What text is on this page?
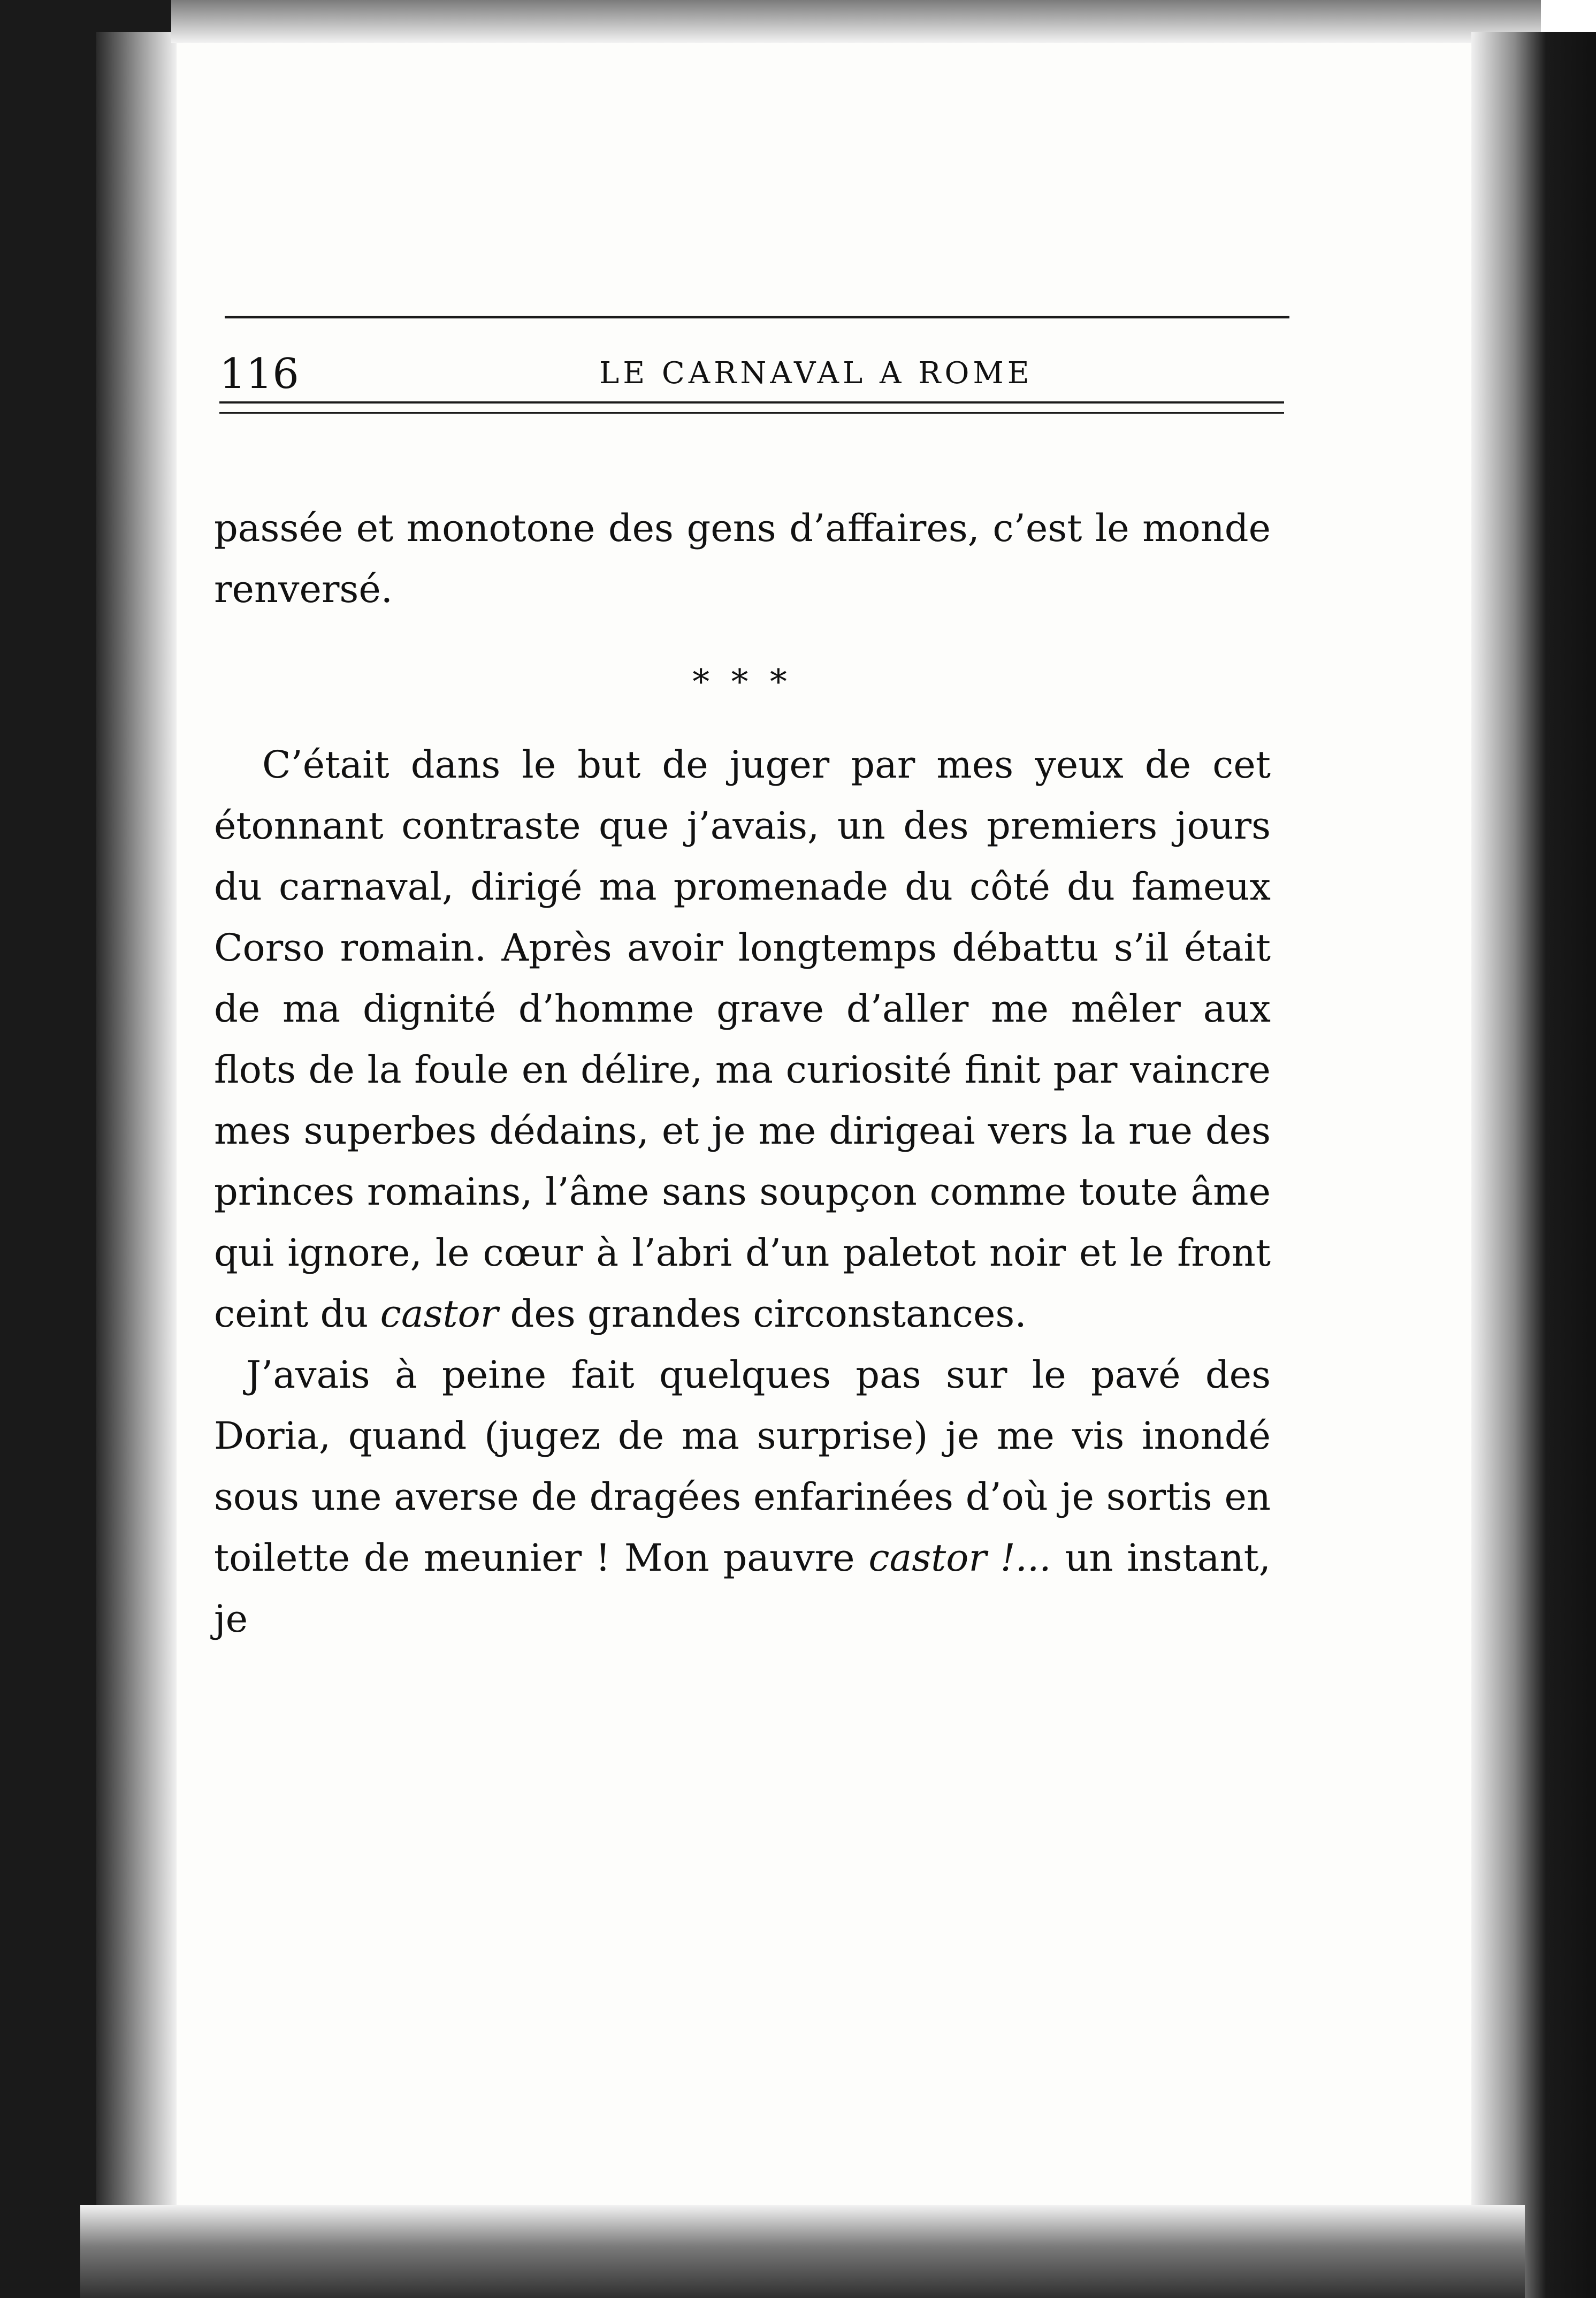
116	LE CARNAVAL A ROME

passée et monotone des gens d’affaires, c’est le monde renversé.

* * *

C’était dans le but de juger par mes yeux de cet étonnant contraste que j’avais, un des premiers jours du carnaval, dirigé ma promenade du côté du fameux Corso romain. Après avoir longtemps débattu s’il était de ma dignité d’homme grave d’aller me mêler aux flots de la foule en délire, ma curiosité finit par vaincre mes superbes dédains, et je me dirigeai vers la rue des princes romains, l’âme sans soupçon comme toute âme qui ignore, le cœur à l’abri d’un paletot noir et le front ceint du castor des grandes circonstances.

J’avais à peine fait quelques pas sur le pavé des Doria, quand (jugez de ma surprise) je me vis inondé sous une averse de dragées enfarinées d’où je sortis en toilette de meunier ! Mon pauvre castor !... un instant, je
